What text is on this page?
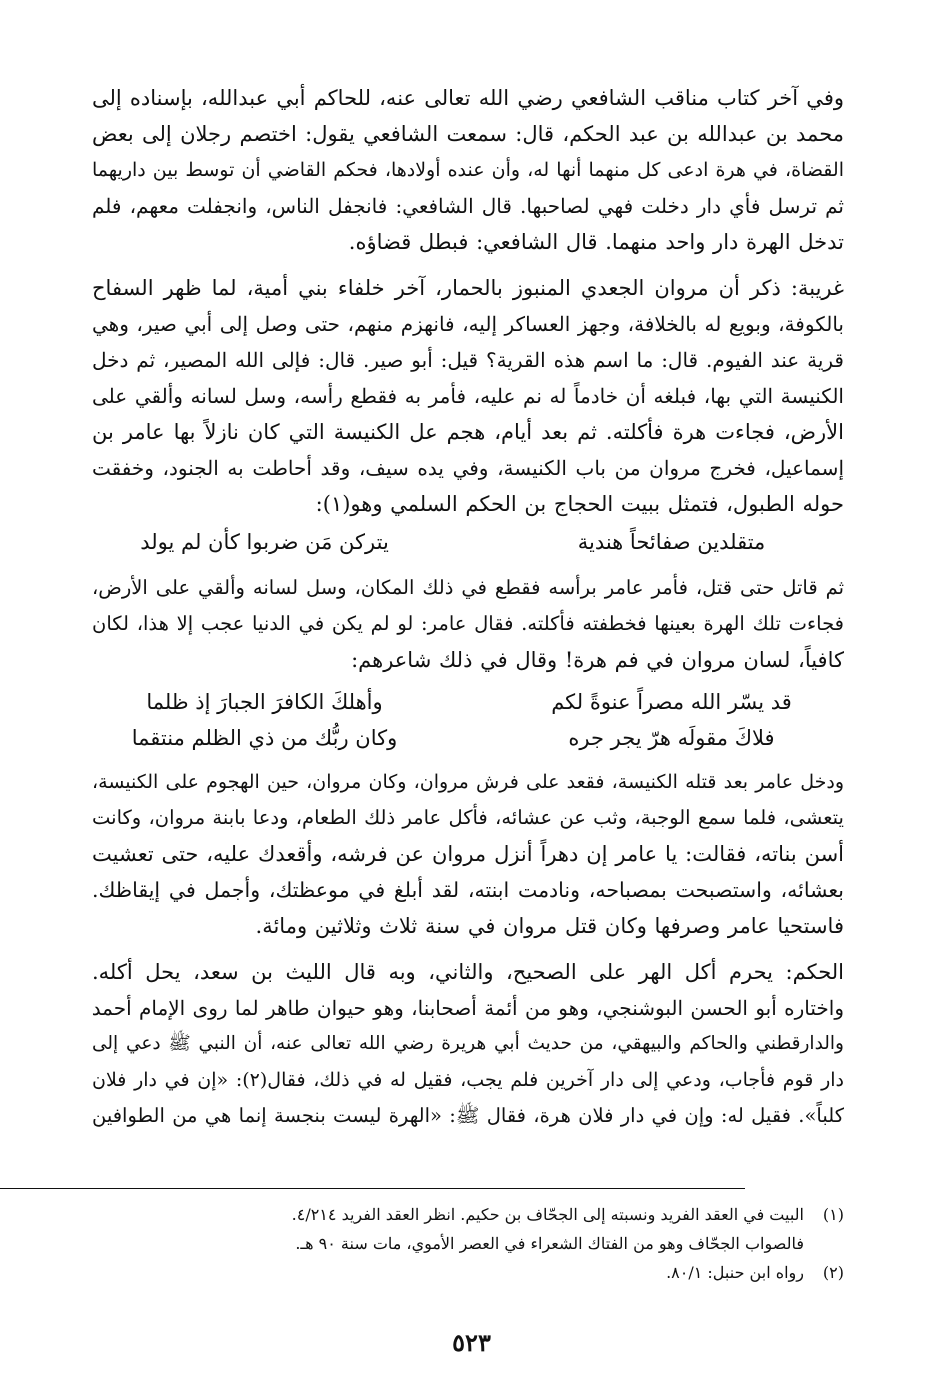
وفي آخر كتاب مناقب الشافعي رضي الله تعالى عنه، للحاكم أبي عبدالله، بإسناده إلى
محمد بن عبدالله بن عبد الحكم، قال: سمعت الشافعي يقول: اختصم رجلان إلى بعض
القضاة، في هرة ادعى كل منهما أنها له، وأن عنده أولادها، فحكم القاضي أن توسط بين داريهما
ثم ترسل فأي دار دخلت فهي لصاحبها. قال الشافعي: فانجفل الناس، وانجفلت معهم، فلم
تدخل الهرة دار واحد منهما. قال الشافعي: فبطل قضاؤه.
غريبة: ذكر أن مروان الجعدي المنبوز بالحمار، آخر خلفاء بني أمية، لما ظهر السفاح
بالكوفة، وبويع له بالخلافة، وجهز العساكر إليه، فانهزم منهم، حتى وصل إلى أبي صير، وهي
قرية عند الفيوم. قال: ما اسم هذه القرية؟ قيل: أبو صير. قال: فإلى الله المصير، ثم دخل
الكنيسة التي بها، فبلغه أن خادماً له نم عليه، فأمر به فقطع رأسه، وسل لسانه وألقي على
الأرض، فجاءت هرة فأكلته. ثم بعد أيام، هجم عل الكنيسة التي كان نازلاً بها عامر بن
إسماعيل، فخرج مروان من باب الكنيسة، وفي يده سيف، وقد أحاطت به الجنود، وخفقت
حوله الطبول، فتمثل ببيت الحجاج بن الحكم السلمي وهو(١):
متقلدين صفائحاً هندية
يتركن مَن ضربوا كأن لم يولد
ثم قاتل حتى قتل، فأمر عامر برأسه فقطع في ذلك المكان، وسل لسانه وألقي على الأرض،
فجاءت تلك الهرة بعينها فخطفته فأكلته. فقال عامر: لو لم يكن في الدنيا عجب إلا هذا، لكان
كافياً، لسان مروان في فم هرة! وقال في ذلك شاعرهم:
قد يسّر الله مصراً عنوةً لكم
وأهلكَ الكافرَ الجبارَ إذ ظلما
فلاكَ مقولَه هرّ يجر جره
وكان ربُّك من ذي الظلم منتقما
ودخل عامر بعد قتله الكنيسة، فقعد على فرش مروان، وكان مروان، حين الهجوم على الكنيسة،
يتعشى، فلما سمع الوجبة، وثب عن عشائه، فأكل عامر ذلك الطعام، ودعا بابنة مروان، وكانت
أسن بناته، فقالت: يا عامر إن دهراً أنزل مروان عن فرشه، وأقعدك عليه، حتى تعشيت
بعشائه، واستصبحت بمصباحه، ونادمت ابنته، لقد أبلغ في موعظتك، وأجمل في إيقاظك.
فاستحيا عامر وصرفها وكان قتل مروان في سنة ثلاث وثلاثين ومائة.
الحكم: يحرم أكل الهر على الصحيح، والثاني، وبه قال الليث بن سعد، يحل أكله.
واختاره أبو الحسن البوشنجي، وهو من أئمة أصحابنا، وهو حيوان طاهر لما روى الإمام أحمد
والدارقطني والحاكم والبيهقي، من حديث أبي هريرة رضي الله تعالى عنه، أن النبي ﷺ دعي إلى
دار قوم فأجاب، ودعي إلى دار آخرين فلم يجب، فقيل له في ذلك، فقال(٢): «إن في دار فلان
كلباً». فقيل له: وإن في دار فلان هرة، فقال ﷺ: «الهرة ليست بنجسة إنما هي من الطوافين
(١)البيت في العقد الفريد ونسبته إلى الجحّاف بن حكيم. انظر العقد الفريد ٤/٢١٤.
فالصواب الجحّاف وهو من الفتاك الشعراء في العصر الأموي، مات سنة ٩٠ هـ.
(٢)رواه ابن حنبل: ٨٠/١.
٥٢٣
